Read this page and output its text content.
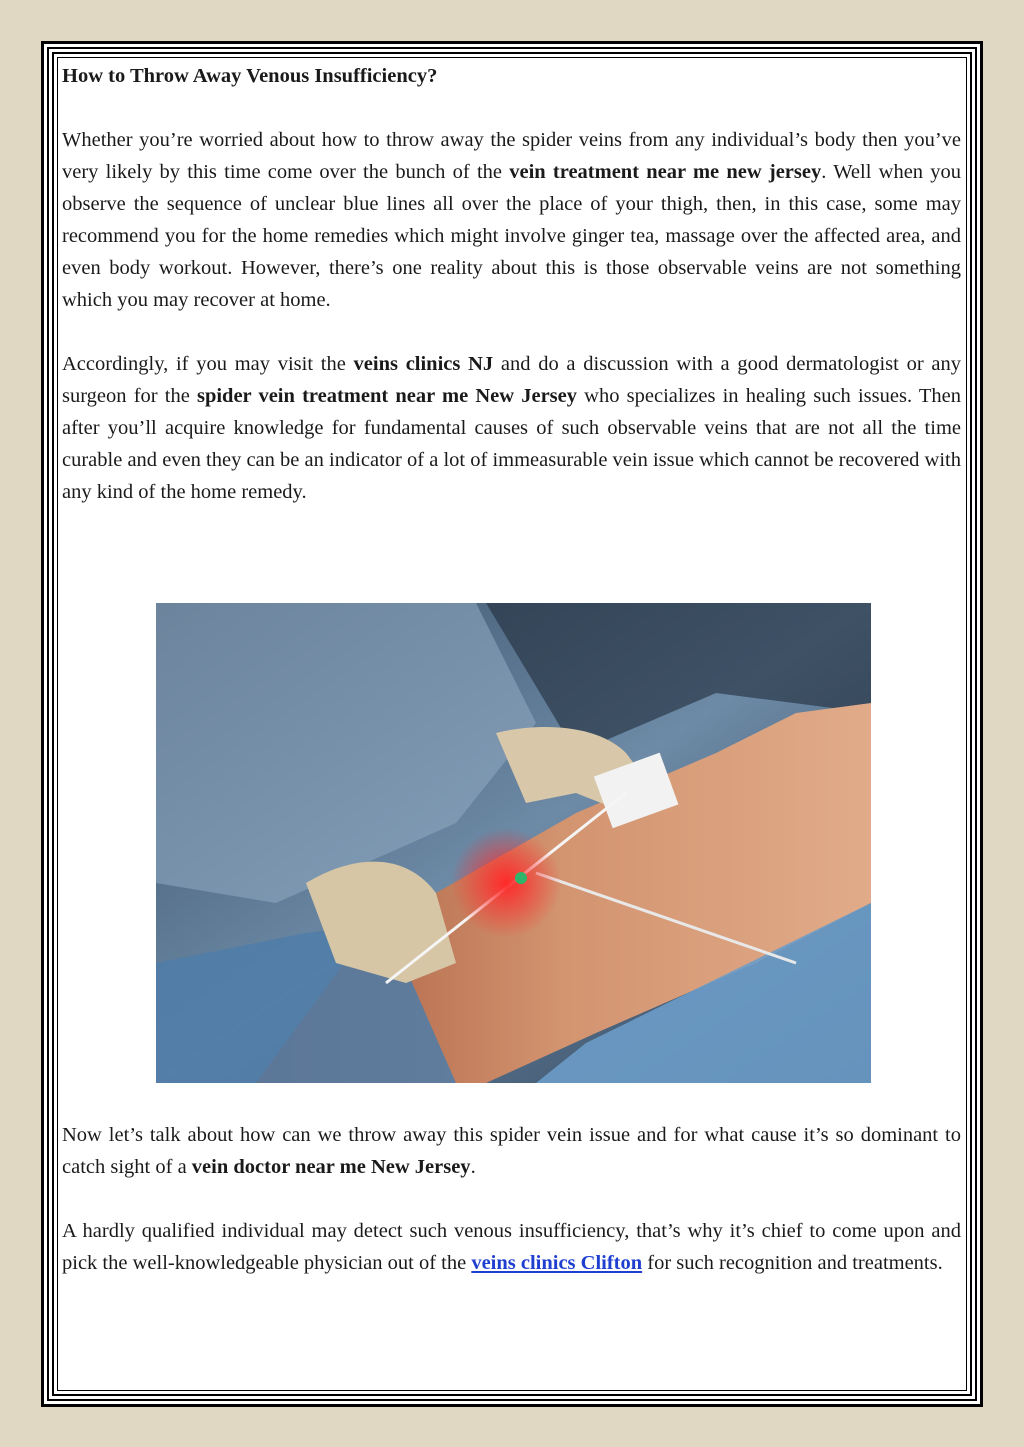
How to Throw Away Venous Insufficiency?

Whether you’re worried about how to throw away the spider veins from any individual’s body then you’ve very likely by this time come over the bunch of the vein treatment near me new jersey. Well when you observe the sequence of unclear blue lines all over the place of your thigh, then, in this case, some may recommend you for the home remedies which might involve ginger tea, massage over the affected area, and even body workout. However, there’s one reality about this is those observable veins are not something which you may recover at home.

Accordingly, if you may visit the veins clinics NJ and do a discussion with a good dermatologist or any surgeon for the spider vein treatment near me New Jersey who specializes in healing such issues. Then after you’ll acquire knowledge for fundamental causes of such observable veins that are not all the time curable and even they can be an indicator of a lot of immeasurable vein issue which cannot be recovered with any kind of the home remedy.

Now let’s talk about how can we throw away this spider vein issue and for what cause it’s so dominant to catch sight of a vein doctor near me New Jersey.

A hardly qualified individual may detect such venous insufficiency, that’s why it’s chief to come upon and pick the well-knowledgeable physician out of the veins clinics Clifton for such recognition and treatments.
